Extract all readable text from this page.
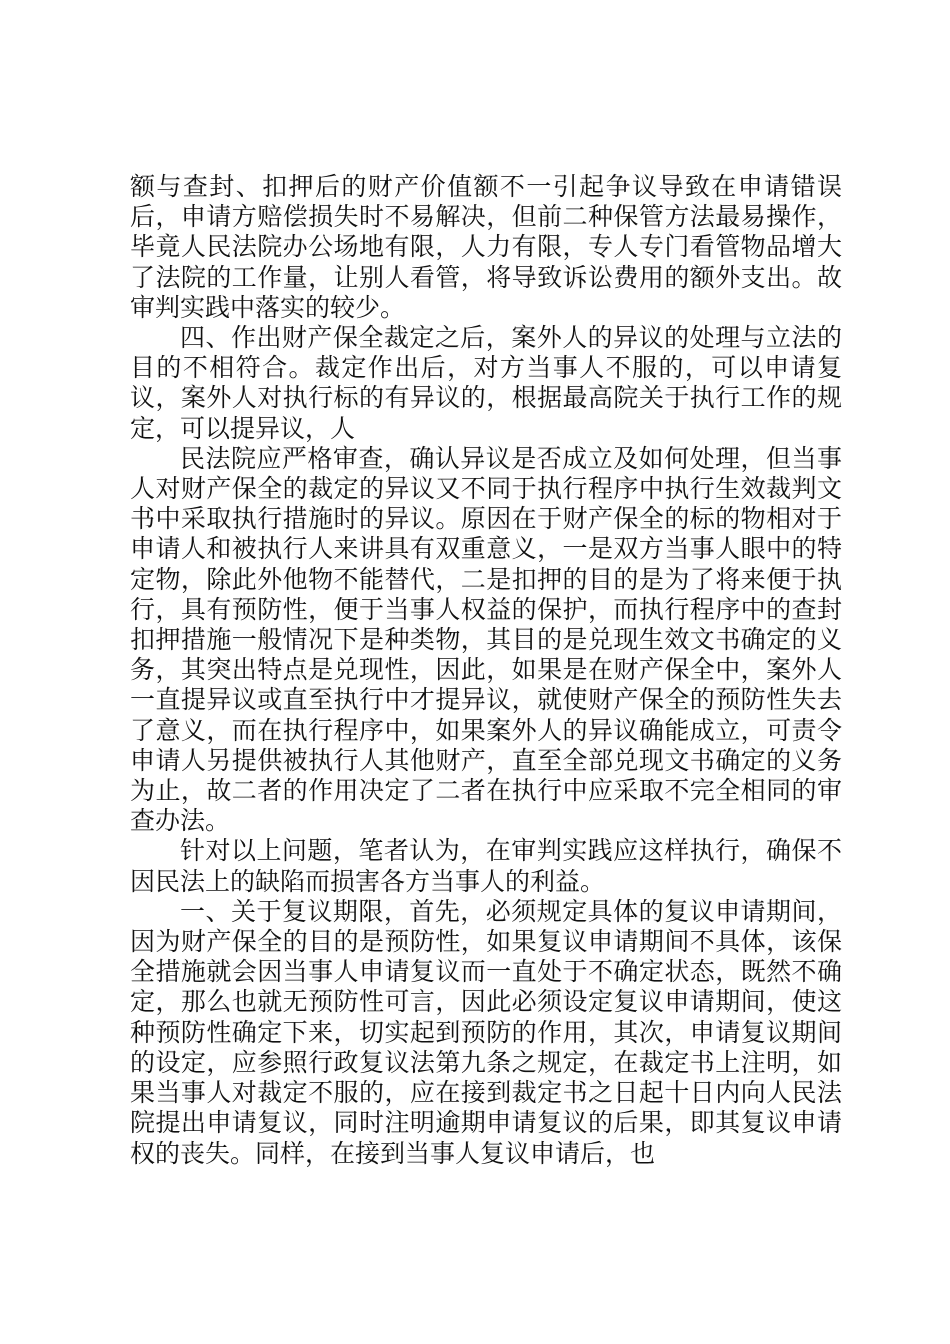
额与查封、扣押后的财产价值额不一引起争议导致在申请错误后，申请方赔偿损失时不易解决，但前二种保管方法最易操作，毕竟人民法院办公场地有限，人力有限，专人专门看管物品增大了法院的工作量，让别人看管，将导致诉讼费用的额外支出。故审判实践中落实的较少。

四、作出财产保全裁定之后，案外人的异议的处理与立法的目的不相符合。裁定作出后，对方当事人不服的，可以申请复议，案外人对执行标的有异议的，根据最高院关于执行工作的规定，可以提异议，人

民法院应严格审查，确认异议是否成立及如何处理，但当事人对财产保全的裁定的异议又不同于执行程序中执行生效裁判文书中采取执行措施时的异议。原因在于财产保全的标的物相对于申请人和被执行人来讲具有双重意义，一是双方当事人眼中的特定物，除此外他物不能替代，二是扣押的目的是为了将来便于执行，具有预防性，便于当事人权益的保护，而执行程序中的查封扣押措施一般情况下是种类物，其目的是兑现生效文书确定的义务，其突出特点是兑现性，因此，如果是在财产保全中，案外人一直提异议或直至执行中才提异议，就使财产保全的预防性失去了意义，而在执行程序中，如果案外人的异议确能成立，可责令申请人另提供被执行人其他财产，直至全部兑现文书确定的义务为止，故二者的作用决定了二者在执行中应采取不完全相同的审查办法。

针对以上问题，笔者认为，在审判实践应这样执行，确保不因民法上的缺陷而损害各方当事人的利益。

一、关于复议期限，首先，必须规定具体的复议申请期间，因为财产保全的目的是预防性，如果复议申请期间不具体，该保全措施就会因当事人申请复议而一直处于不确定状态，既然不确定，那么也就无预防性可言，因此必须设定复议申请期间，使这种预防性确定下来，切实起到预防的作用，其次，申请复议期间的设定，应参照行政复议法第九条之规定，在裁定书上注明，如果当事人对裁定不服的，应在接到裁定书之日起十日内向人民法院提出申请复议，同时注明逾期申请复议的后果，即其复议申请权的丧失。同样，在接到当事人复议申请后，也
